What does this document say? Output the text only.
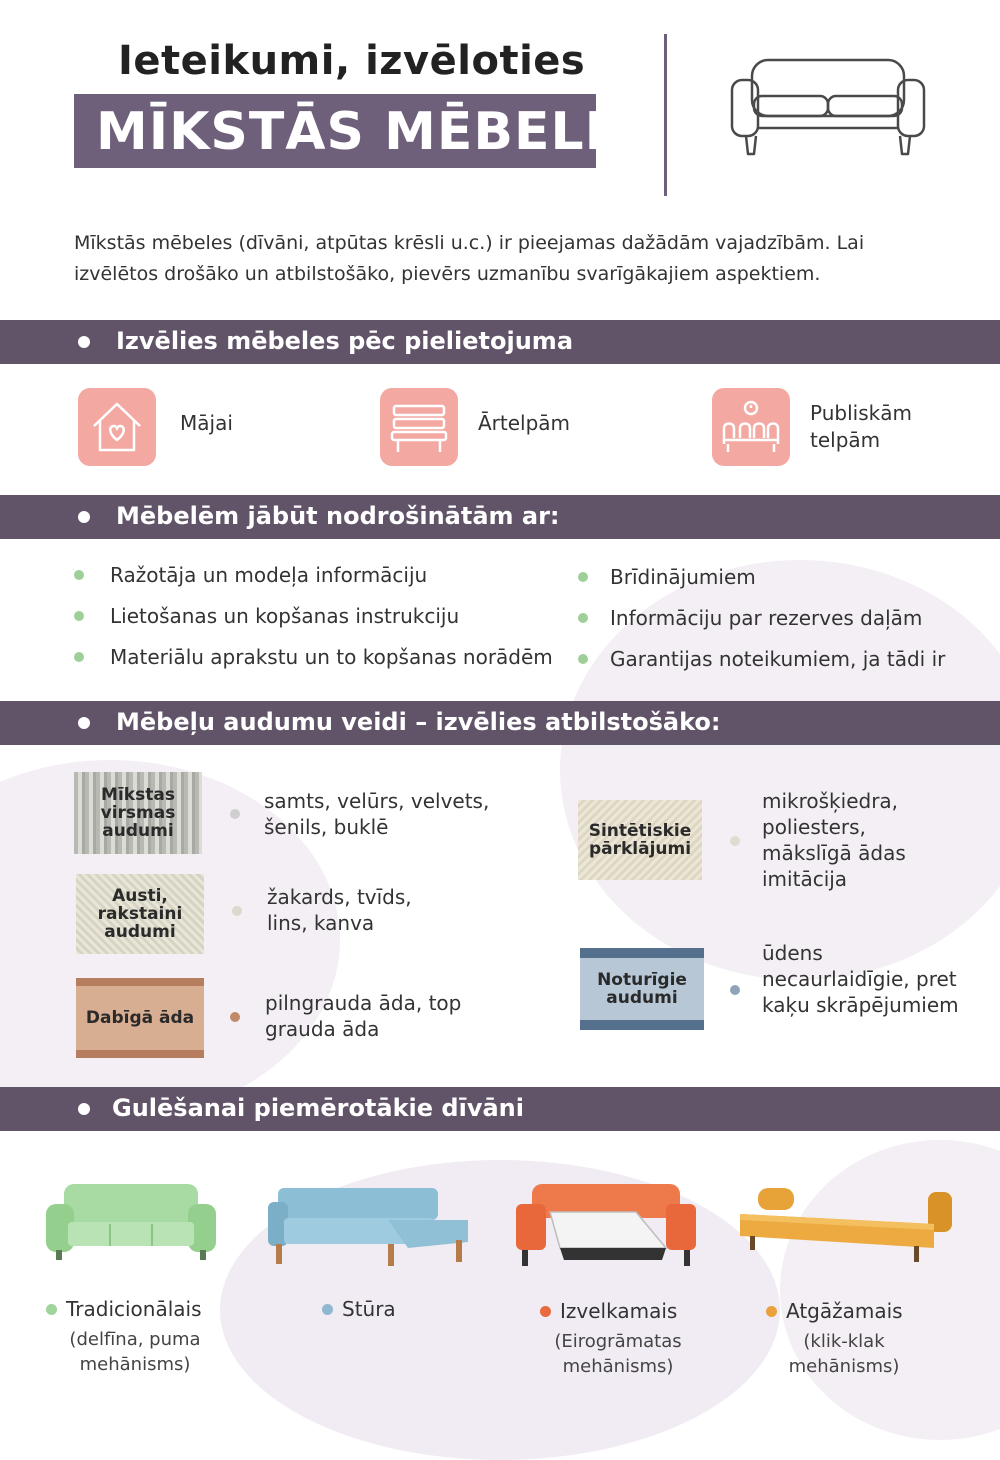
Ieteikumi, izvēloties
MĪKSTĀS MĒBELES
Mīkstās mēbeles (dīvāni, atpūtas krēsli u.c.) ir pieejamas dažādām vajadzībām. Lai izvēlētos drošāko un atbilstošāko, pievērs uzmanību svarīgākajiem aspektiem.
Izvēlies mēbeles pēc pielietojuma
Mājai	Ārtelpām	Publiskām telpām
Mēbelēm jābūt nodrošinātām ar:
Ražotāja un modeļa informāciju
Lietošanas un kopšanas instrukciju
Materiālu aprakstu un to kopšanas norādēm
Brīdinājumiem
Informāciju par rezerves daļām
Garantijas noteikumiem, ja tādi ir
Mēbeļu audumu veidi – izvēlies atbilstošāko:
Mīkstas virsmas audumi
samts, velūrs, velvets, šenils, buklē
Austi, rakstaini audumi
žakards, tvīds, lins, kanva
Dabīgā āda
pilngrauda āda, top grauda āda
Sintētiskie pārklājumi
mikrošķiedra, poliesters, mākslīgā ādas imitācija
Noturīgie audumi
ūdens necaurlaidīgie, pret kaķu skrāpējumiem
Gulēšanai piemērotākie dīvāni
Tradicionālais
(delfīna, puma mehānisms)
Stūra	Izvelkamais
(Eirogrāmatas mehānisms)
Atgāžamais
(klik-klak mehānisms)
